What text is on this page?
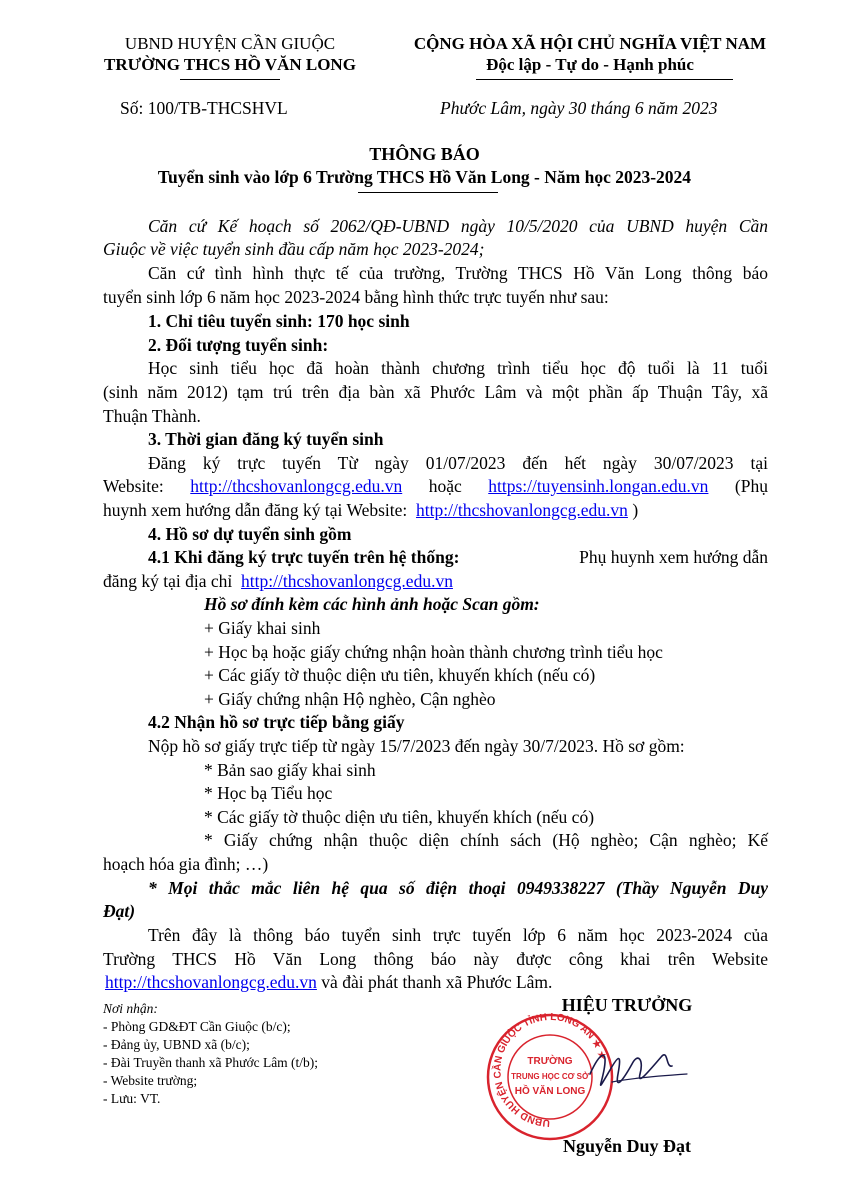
UBND HUYỆN CẦN GIUỘC
TRƯỜNG THCS HỒ VĂN LONG
CỘNG HÒA XÃ HỘI CHỦ NGHĨA VIỆT NAM
Độc lập - Tự do - Hạnh phúc
Số: 100/TB-THCSHVL	Phước Lâm, ngày 30 tháng 6 năm 2023
THÔNG BÁO
Tuyển sinh vào lớp 6 Trường THCS Hồ Văn Long - Năm học 2023-2024
Căn cứ Kế hoạch số 2062/QĐ-UBND ngày 10/5/2020 của UBND huyện Cần
Giuộc về việc tuyển sinh đầu cấp năm học 2023-2024;
Căn cứ tình hình thực tế của trường, Trường THCS Hồ Văn Long thông báo
tuyển sinh lớp 6 năm học 2023-2024 bằng hình thức trực tuyến như sau:
1. Chỉ tiêu tuyển sinh: 170 học sinh
2. Đối tượng tuyển sinh:
Học sinh tiểu học đã hoàn thành chương trình tiểu học độ tuổi là 11 tuổi
(sinh năm 2012) tạm trú trên địa bàn xã Phước Lâm và một phần ấp Thuận Tây, xã
Thuận Thành.
3. Thời gian đăng ký tuyển sinh
Đăng ký trực tuyến Từ ngày 01/07/2023 đến hết ngày 30/07/2023 tại
Website: http://thcshovanlongcg.edu.vn hoặc https://tuyensinh.longan.edu.vn (Phụ
huynh xem hướng dẫn đăng ký tại Website: http://thcshovanlongcg.edu.vn )
4. Hồ sơ dự tuyển sinh gồm
4.1 Khi đăng ký trực tuyến trên hệ thống:	Phụ huynh xem hướng dẫn
đăng ký tại địa chỉ http://thcshovanlongcg.edu.vn
Hồ sơ đính kèm các hình ảnh hoặc Scan gồm:
+ Giấy khai sinh
+ Học bạ hoặc giấy chứng nhận hoàn thành chương trình tiểu học
+ Các giấy tờ thuộc diện ưu tiên, khuyến khích (nếu có)
+ Giấy chứng nhận Hộ nghèo, Cận nghèo
4.2 Nhận hồ sơ trực tiếp bằng giấy
Nộp hồ sơ giấy trực tiếp từ ngày 15/7/2023 đến ngày 30/7/2023. Hồ sơ gồm:
* Bản sao giấy khai sinh
* Học bạ Tiểu học
* Các giấy tờ thuộc diện ưu tiên, khuyến khích (nếu có)
* Giấy chứng nhận thuộc diện chính sách (Hộ nghèo; Cận nghèo; Kế
hoạch hóa gia đình; …)
* Mọi thắc mắc liên hệ qua số điện thoại 0949338227 (Thầy Nguyễn Duy
Đạt)
Trên đây là thông báo tuyển sinh trực tuyến lớp 6 năm học 2023-2024 của
Trường THCS Hồ Văn Long thông báo này được công khai trên Website
http://thcshovanlongcg.edu.vn và đài phát thanh xã Phước Lâm.
Nơi nhận:
- Phòng GD&ĐT Cần Giuộc (b/c);
- Đảng ủy, UBND xã (b/c);
- Đài Truyền thanh xã Phước Lâm (t/b);
- Website trường;
- Lưu: VT.
HIỆU TRƯỞNG
UBND HUYỆN CẦN GIUỘC TỈNH LONG AN ★ ★
TRƯỜNG
TRUNG HỌC CƠ SỞ
HỒ VĂN LONG
Nguyễn Duy Đạt
